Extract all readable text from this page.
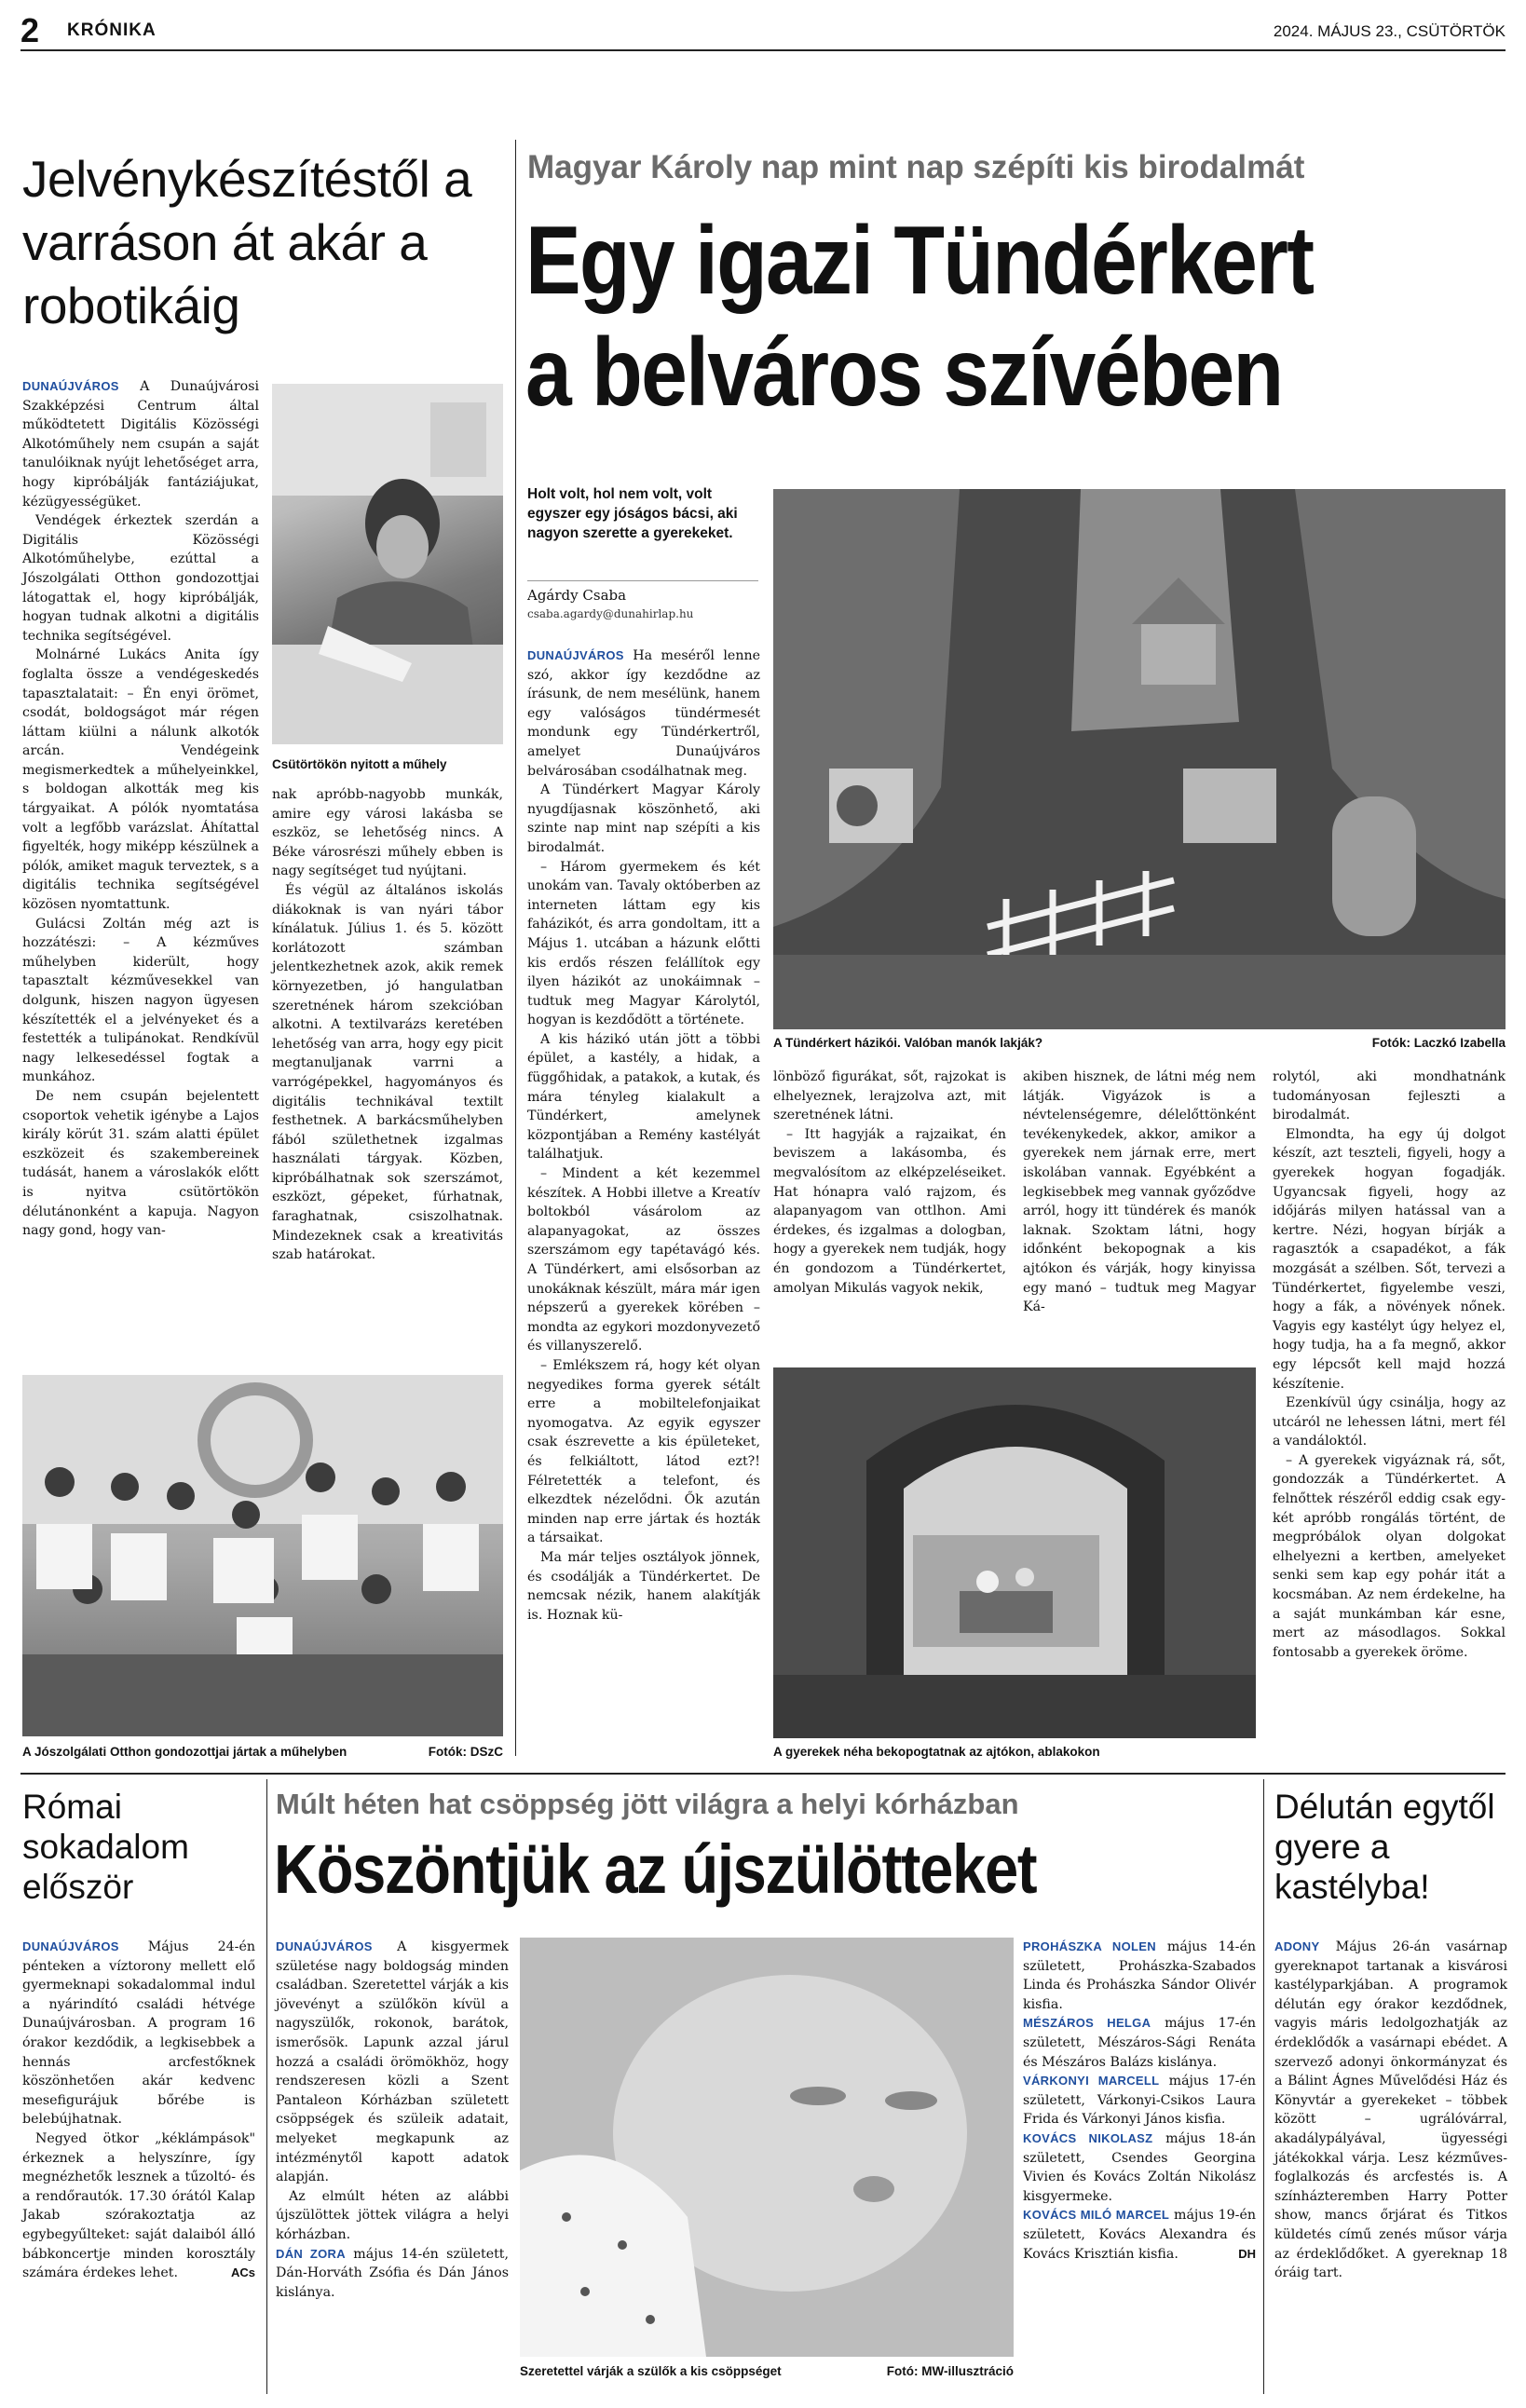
2 KRÓNIKA	2024. MÁJUS 23., CSÜTÖRTÖK
Jelvénykészítéstől a varráson át akár a robotikáig

DUNAÚJVÁROS A Dunaújvárosi Szakképzési Centrum által működtetett Digitális Közösségi Alkotóműhely nem csupán a saját tanulóiknak nyújt lehetőséget arra, hogy kipróbálják fantáziájukat, kézügyességüket.

Vendégek érkeztek szerdán a Digitális Közösségi Alkotóműhelybe, ezúttal a Jószolgálati Otthon gondozottjai látogattak el, hogy kipróbálják, hogyan tudnak alkotni a digitális technika segítségével.

Molnárné Lukács Anita így foglalta össze a vendégeskedés tapasztalatait: – Én enyi örömet, csodát, boldogságot már régen láttam kiülni a nálunk alkotók arcán. Vendégeink megismerkedtek a műhelyeinkkel, s boldogan alkották meg kis tárgyaikat. A pólók nyomtatása volt a legfőbb varázslat. Áhítattal figyelték, hogy miképp készülnek a pólók, amiket maguk terveztek, s a digitális technika segítségével közösen nyomtattunk.

Gulácsi Zoltán még azt is hozzátészi: – A kézműves műhelyben kiderült, hogy tapasztalt kézművesekkel van dolgunk, hiszen nagyon ügyesen készítették el a jelvényeket és a festették a tulipánokat. Rendkívül nagy lelkesedéssel fogtak a munkához.

De nem csupán bejelentett csoportok vehetik igénybe a Lajos király körút 31. szám alatti épület eszközeit és szakembereinek tudását, hanem a városlakók előtt is nyitva csütörtökön délutánonként a kapuja. Nagyon nagy gond, hogy van-

Csütörtökön nyitott a műhely

nak apróbb-nagyobb munkák, amire egy városi lakásba se eszköz, se lehetőség nincs. A Béke városrészi műhely ebben is nagy segítséget tud nyújtani.

És végül az általános iskolás diákoknak is van nyári tábor kínálatuk. Július 1. és 5. között korlátozott számban jelentkezhetnek azok, akik remek környezetben, jó hangulatban szeretnének három szekcióban alkotni. A textilvarázs keretében lehetőség van arra, hogy egy picit megtanuljanak varrni a varrógépekkel, hagyományos és digitális technikával textilt festhetnek. A barkácsműhelyben fából születhetnek izgalmas használati tárgyak. Közben, kipróbálhatnak sok szerszámot, eszközt, gépeket, fúrhatnak, faraghatnak, csiszolhatnak. Mindezeknek csak a kreativitás szab határokat.

A Jószolgálati Otthon gondozottjai jártak a műhelyben	Fotók: DSzC
Magyar Károly nap mint nap szépíti kis birodalmát
Egy igazi Tündérkert
a belváros szívében
Holt volt, hol nem volt, volt egyszer egy jóságos bácsi, aki nagyon szerette a gyerekeket.
Agárdy Csaba
csaba.agardy@dunahirlap.hu

DUNAÚJVÁROS Ha meséről lenne szó, akkor így kezdődne az írásunk, de nem mesélünk, hanem egy valóságos tündérmesét mondunk egy Tündérkertről, amelyet Dunaújváros belvárosában csodálhatnak meg.

A Tündérkert Magyar Károly nyugdíjasnak köszönhető, aki szinte nap mint nap szépíti a kis birodalmát.

– Három gyermekem és két unokám van. Tavaly októberben az interneten láttam egy kis faházikót, és arra gondoltam, itt a Május 1. utcában a házunk előtti kis erdős részen felállítok egy ilyen házikót az unokáimnak – tudtuk meg Magyar Károlytól, hogyan is kezdődött a története.

A kis házikó után jött a többi épület, a kastély, a hidak, a függőhidak, a patakok, a kutak, és mára tényleg kialakult a Tündérkert, amelynek központjában a Remény kastélyát találhatjuk.

– Mindent a két kezemmel készítek. A Hobbi illetve a Kreatív boltokból vásárolom az alapanyagokat, az összes szerszámom egy tapétavágó kés. A Tündérkert, ami elsősorban az unokáknak készült, mára már igen népszerű a gyerekek körében – mondta az egykori mozdonyvezető és villanyszerelő.

– Emlékszem rá, hogy két olyan negyedikes forma gyerek sétált erre a mobiltelefonjaikat nyomogatva. Az egyik egyszer csak észrevette a kis épületeket, és felkiáltott, látod ezt?! Félretették a telefont, és elkezdtek nézelődni. Ők azután minden nap erre jártak és hozták a társaikat.

Ma már teljes osztályok jönnek, és csodálják a Tündérkertet. De nemcsak nézik, hanem alakítják is. Hoznak kü-

A Tündérkert házikói. Valóban manók lakják?	Fotók: Laczkó Izabella

lönböző figurákat, sőt, rajzokat is elhelyeznek, lerajzolva azt, mit szeretnének látni.

– Itt hagyják a rajzaikat, én beviszem a lakásomba, és megvalósítom az elképzeléseiket. Hat hónapra való rajzom, és alapanyagom van ottlhon. Ami érdekes, és izgalmas a dologban, hogy a gyerekek nem tudják, hogy én gondozom a Tündérkertet, amolyan Mikulás vagyok nekik,

akiben hisznek, de látni még nem látják. Vigyázok is a névtelenségemre, délelőttönként tevékenykedek, akkor, amikor a gyerekek nem járnak erre, mert iskolában vannak. Egyébként a legkisebbek meg vannak győződve arról, hogy itt tündérek és manók laknak. Szoktam látni, hogy időnként bekopognak a kis ajtókon és várják, hogy kinyissa egy manó – tudtuk meg Magyar Ká-

rolytól, aki mondhatnánk tudományosan fejleszti a birodalmát.

Elmondta, ha egy új dolgot készít, azt teszteli, figyeli, hogy a gyerekek hogyan fogadják. Ugyancsak figyeli, hogy az időjárás milyen hatással van a kertre. Nézi, hogyan bírják a ragasztók a csapadékot, a fák mozgását a szélben. Sőt, tervezi a Tündérkertet, figyelembe veszi, hogy a fák, a növények nőnek. Vagyis egy kastélyt úgy helyez el, hogy tudja, ha a fa megnő, akkor egy lépcsőt kell majd hozzá készítenie.

Ezenkívül úgy csinálja, hogy az utcáról ne lehessen látni, mert fél a vandáloktól.

– A gyerekek vigyáznak rá, sőt, gondozzák a Tündérkertet. A felnőttek részéről eddig csak egy-két apróbb rongálás történt, de megpróbálok olyan dolgokat elhelyezni a kertben, amelyeket senki sem kap egy pohár itát a kocsmában. Az nem érdekelne, ha a saját munkámban kár esne, mert az másodlagos. Sokkal fontosabb a gyerekek öröme.

A gyerekek néha bekopogtatnak az ajtókon, ablakokon
Római sokadalom először

DUNAÚJVÁROS Május 24-én pénteken a víztorony mellett elő gyermeknapi sokadalommal indul a nyárindító családi hétvége Dunaújvárosban. A program 16 órakor kezdődik, a legkisebbek a hennás arcfestőknek köszönhetően akár kedvenc mesefigurájuk bőrébe is belebújhatnak.

Negyed ötkor „kéklámpások" érkeznek a helyszínre, így megnézhetők lesznek a tűzoltó- és a rendőrautók. 17.30 órától Kalap Jakab szórakoztatja az egybegyűlteket: saját dalaiból álló bábkoncertje minden korosztály számára érdekes lehet.	ACs

Múlt héten hat csöppség jött világra a helyi kórházban
Köszöntjük az újszülötteket

DUNAÚJVÁROS A kisgyermek születése nagy boldogság minden családban. Szeretettel várják a kis jövevényt a szülőkön kívül a nagyszülők, rokonok, barátok, ismerősök. Lapunk azzal járul hozzá a családi örömökhöz, hogy rendszeresen közli a Szent Pantaleon Kórházban született csöppségek és szüleik adatait, melyeket megkapunk az intézménytől kapott adatok alapján.

Az elmúlt héten az alábbi újszülöttek jöttek világra a helyi kórházban.

DÁN ZORA május 14-én született, Dán-Horváth Zsófia és Dán János kislánya.

Szeretettel várják a szülők a kis csöppséget	Fotó: MW-illusztráció

PROHÁSZKA NOLEN május 14-én született, Prohászka-Szabados Linda és Prohászka Sándor Olivér kisfia.

MÉSZÁROS HELGA május 17-én született, Mészáros-Sági Renáta és Mészáros Balázs kislánya.

VÁRKONYI MARCELL május 17-én született, Várkonyi-Csikos Laura Frida és Várkonyi János kisfia.

KOVÁCS NIKOLASZ május 18-án született, Csendes Georgina Vivien és Kovács Zoltán Nikolász kisgyermeke.

KOVÁCS MILÓ MARCEL május 19-én született, Kovács Alexandra és Kovács Krisztián kisfia.	DH

Délután egytől gyere a kastélyba!

ADONY Május 26-án vasárnap gyereknapot tartanak a kisvárosi kastélyparkjában. A programok délután egy órakor kezdődnek, vagyis máris ledolgozhatják az érdeklődők a vasárnapi ebédet. A szervező adonyi önkormányzat és a Bálint Ágnes Művelődési Ház és Könyvtár a gyerekeket – többek között – ugrálóvárral, akadálypályával, ügyességi játékokkal várja. Lesz kézműves-foglalkozás és arcfestés is. A színházteremben Harry Potter show, mancs őrjárat és Titkos küldetés című zenés műsor várja az érdeklődőket. A gyereknap 18 óráig tart.
